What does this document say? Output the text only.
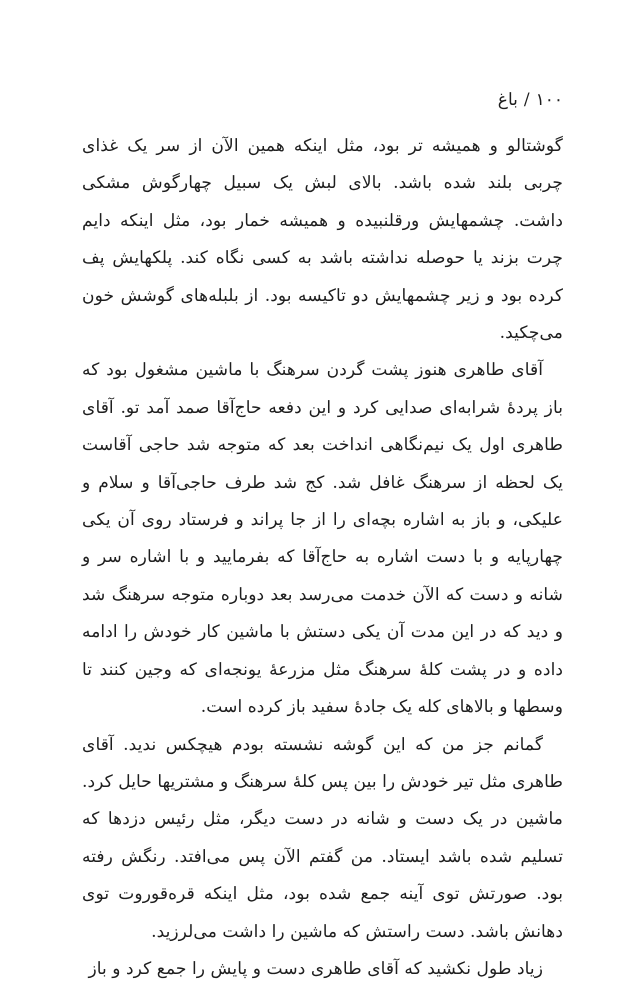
۱۰۰/باغ

گوشتالو و همیشه تر بود، مثل اینکه همین الآن از سر یک غذای چربی بلند شده باشد. بالای لبش یک سبیل چهارگوش مشکی داشت. چشمهایش ورقلنبیده و همیشه خمار بود، مثل اینکه دایم چرت بزند یا حوصله نداشته باشد به کسی نگاه کند. پلکهایش پف کرده بود و زیر چشمهایش دو تاکیسه بود. از بلبله‌های گوشش خون می‌چکید.

آقای طاهری هنوز پشت گردن سرهنگ با ماشین مشغول بود که باز پردهٔ شرابه‌ای صدایی کرد و این دفعه حاج‌آقا صمد آمد تو. آقای طاهری اول یک نیم‌نگاهی انداخت بعد که متوجه شد حاجی آقاست یک لحظه از سرهنگ غافل شد. کج شد طرف حاجی‌آقا و سلام و علیکی، و باز به اشاره بچه‌ای را از جا پراند و فرستاد روی آن یکی چهارپایه و با دست اشاره به حاج‌آقا که بفرمایید و با اشاره سر و شانه و دست که الآن خدمت می‌رسد بعد دوباره متوجه سرهنگ شد و دید که در این مدت آن یکی دستش با ماشین کار خودش را ادامه داده و در پشت کلهٔ سرهنگ مثل مزرعهٔ یونجه‌ای که وجین کنند تا وسطها و بالاهای کله یک جادهٔ سفید باز کرده است.

گمانم جز من که این گوشه نشسته بودم هیچکس ندید. آقای طاهری مثل تیر خودش را بین پس کلهٔ سرهنگ و مشتریها حایل کرد. ماشین در یک دست و شانه در دست دیگر، مثل رئیس دزدها که تسلیم شده باشد ایستاد. من گفتم الآن پس می‌افتد. رنگش رفته بود. صورتش توی آینه جمع شده بود، مثل اینکه قره‌قوروت توی دهانش باشد. دست راستش که ماشین را داشت می‌لرزید.

زیاد طول نکشید که آقای طاهری دست و پایش را جمع کرد و باز
